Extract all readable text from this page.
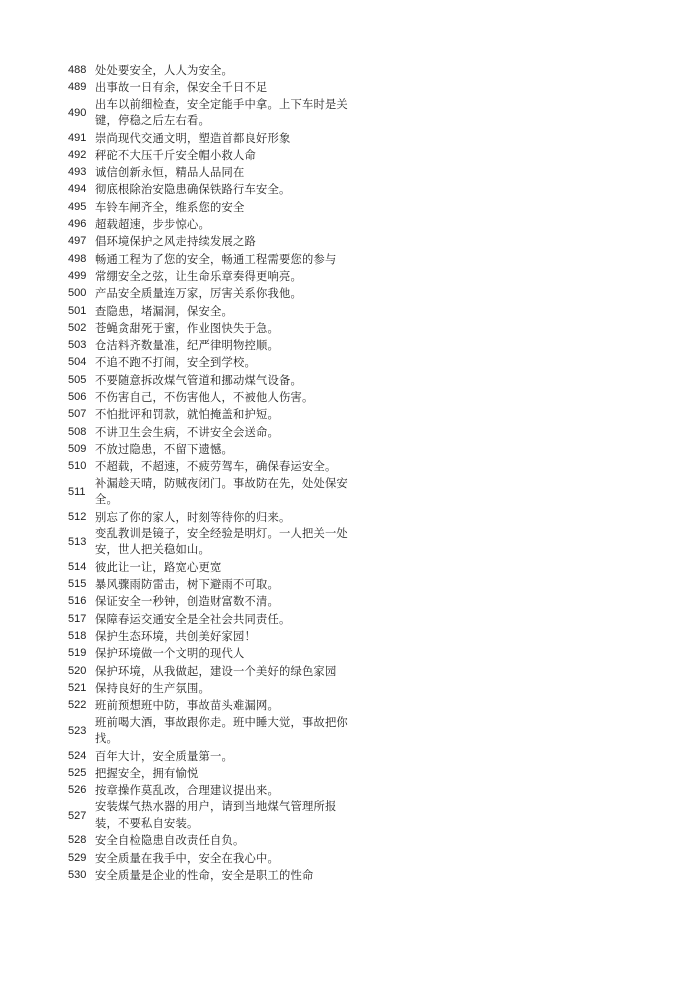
488 处处要安全，人人为安全。
489 出事故一日有余，保安全千日不足
490
出车以前细检查，安全定能手中拿。上下车时是关键，停稳之后左右看。
491 崇尚现代交通文明，塑造首都良好形象
492 秤砣不大压千斤安全帽小救人命
493 诚信创新永恒，精品人品同在
494 彻底根除治安隐患确保铁路行车安全。
495 车铃车闸齐全，维系您的安全
496 超载超速，步步惊心。
497 倡环境保护之风走持续发展之路
498 畅通工程为了您的安全，畅通工程需要您的参与
499 常绷安全之弦，让生命乐章奏得更响亮。
500 产品安全质量连万家，厉害关系你我他。
501 查隐患，堵漏洞，保安全。
502 苍蝇贪甜死于蜜，作业图快失于急。
503 仓洁料齐数量准，纪严律明物控顺。
504 不追不跑不打闹，安全到学校。
505 不要随意拆改煤气管道和挪动煤气设备。
506 不伤害自己，不伤害他人，不被他人伤害。
507 不怕批评和罚款，就怕掩盖和护短。
508 不讲卫生会生病，不讲安全会送命。
509 不放过隐患，不留下遗憾。
510 不超载，不超速，不疲劳驾车，确保春运安全。
511
补漏趁天晴，防贼夜闭门。事故防在先，处处保安全。
512 别忘了你的家人，时刻等待你的归来。
513
变乱教训是镜子，安全经验是明灯。一人把关一处安，世人把关稳如山。
514 彼此让一让，路宽心更宽
515 暴风骤雨防雷击，树下避雨不可取。
516 保证安全一秒钟，创造财富数不清。
517 保障春运交通安全是全社会共同责任。
518 保护生态环境，共创美好家园！
519 保护环境做一个文明的现代人
520 保护环境，从我做起，建设一个美好的绿色家园
521 保持良好的生产氛围。
522 班前预想班中防，事故苗头难漏网。
523
班前喝大酒，事故跟你走。班中睡大觉，事故把你找。
524 百年大计，安全质量第一。
525 把握安全，拥有愉悦
526 按章操作莫乱改，合理建议提出来。
527
安装煤气热水器的用户，请到当地煤气管理所报装，不要私自安装。
528 安全自检隐患自改责任自负。
529 安全质量在我手中，安全在我心中。
530 安全质量是企业的性命，安全是职工的性命
